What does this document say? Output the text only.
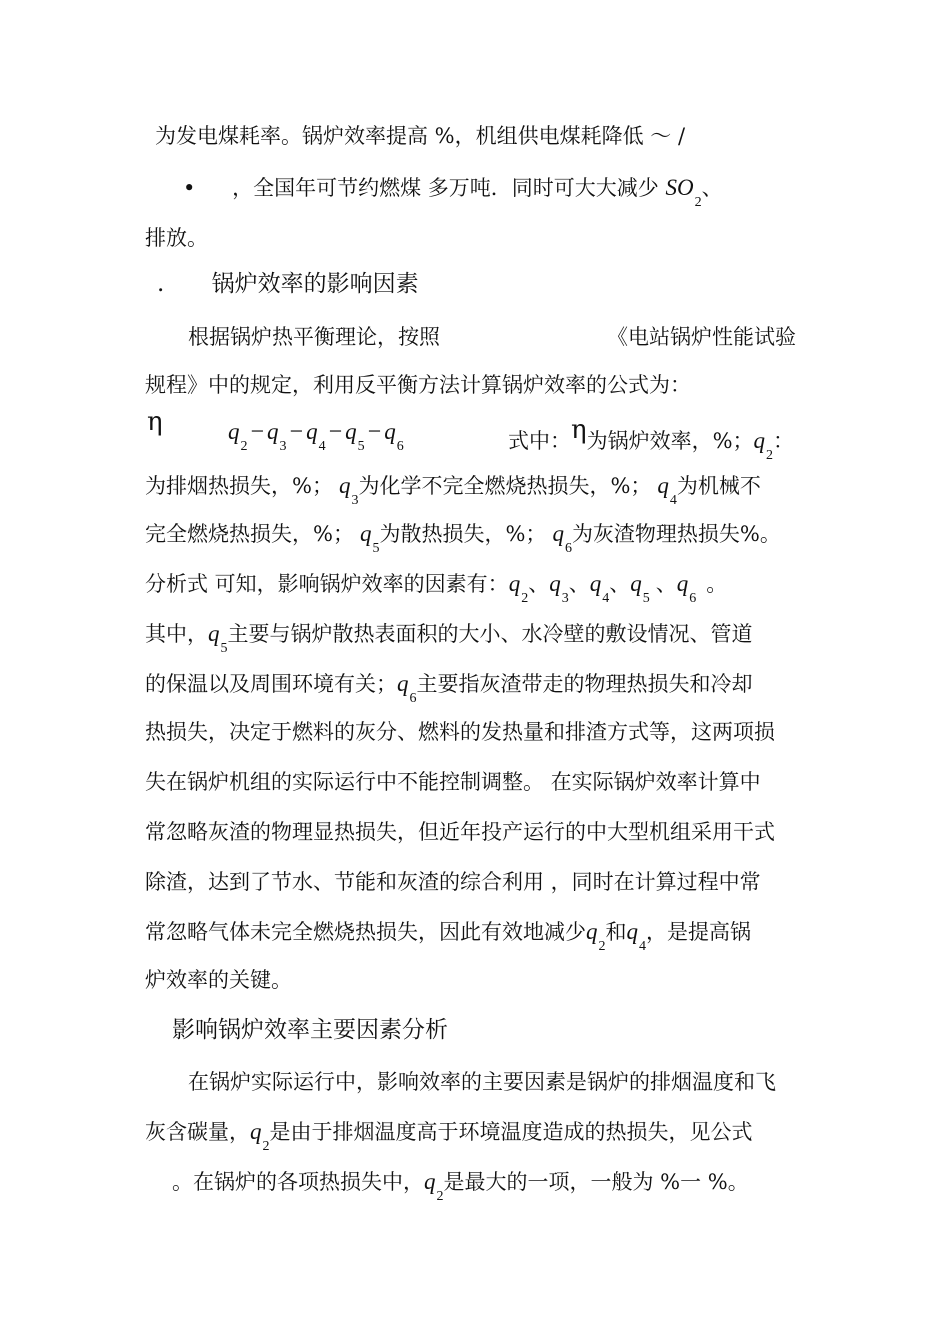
为发电煤耗率。锅炉效率提高 %，机组供电煤耗降低 ～ /
• ，全国年可节约燃煤 多万吨．同时可大大减少 $SO_2$、
排放。
. 锅炉效率的影响因素
根据锅炉热平衡理论，按照	《电站锅炉性能试验
规程》中的规定，利用反平衡方法计算锅炉效率的公式为：
η	$q_2- q_3- q_4- q_5- q_6$	式中：η为锅炉效率，%；$q_2$：
为排烟热损失，%； $q_3$为化学不完全燃烧热损失，%； $q_4$为机械不
完全燃烧热损失，%； $q_5$为散热损失，%； $q_6$为灰渣物理热损失%。
分析式 可知，影响锅炉效率的因素有：$q_2$、$q_3$、$q_4$、$q_5$、$q_6$。
其中，$q_5$主要与锅炉散热表面积的大小、水冷壁的敷设情况、管道
的保温以及周围环境有关；$q_6$主要指灰渣带走的物理热损失和冷却
热损失，决定于燃料的灰分、燃料的发热量和排渣方式等，这两项损
失在锅炉机组的实际运行中不能控制调整。 在实际锅炉效率计算中
常忽略灰渣的物理显热损失，但近年投产运行的中大型机组采用干式
除渣，达到了节水、节能和灰渣的综合利用 ，同时在计算过程中常
常忽略气体未完全燃烧热损失，因此有效地减少$q_2$和$q_4$，是提高锅
炉效率的关键。
影响锅炉效率主要因素分析
在锅炉实际运行中，影响效率的主要因素是锅炉的排烟温度和飞
灰含碳量，$q_2$是由于排烟温度高于环境温度造成的热损失，见公式
。在锅炉的各项热损失中，$q_2$是最大的一项，一般为 %一 %。
